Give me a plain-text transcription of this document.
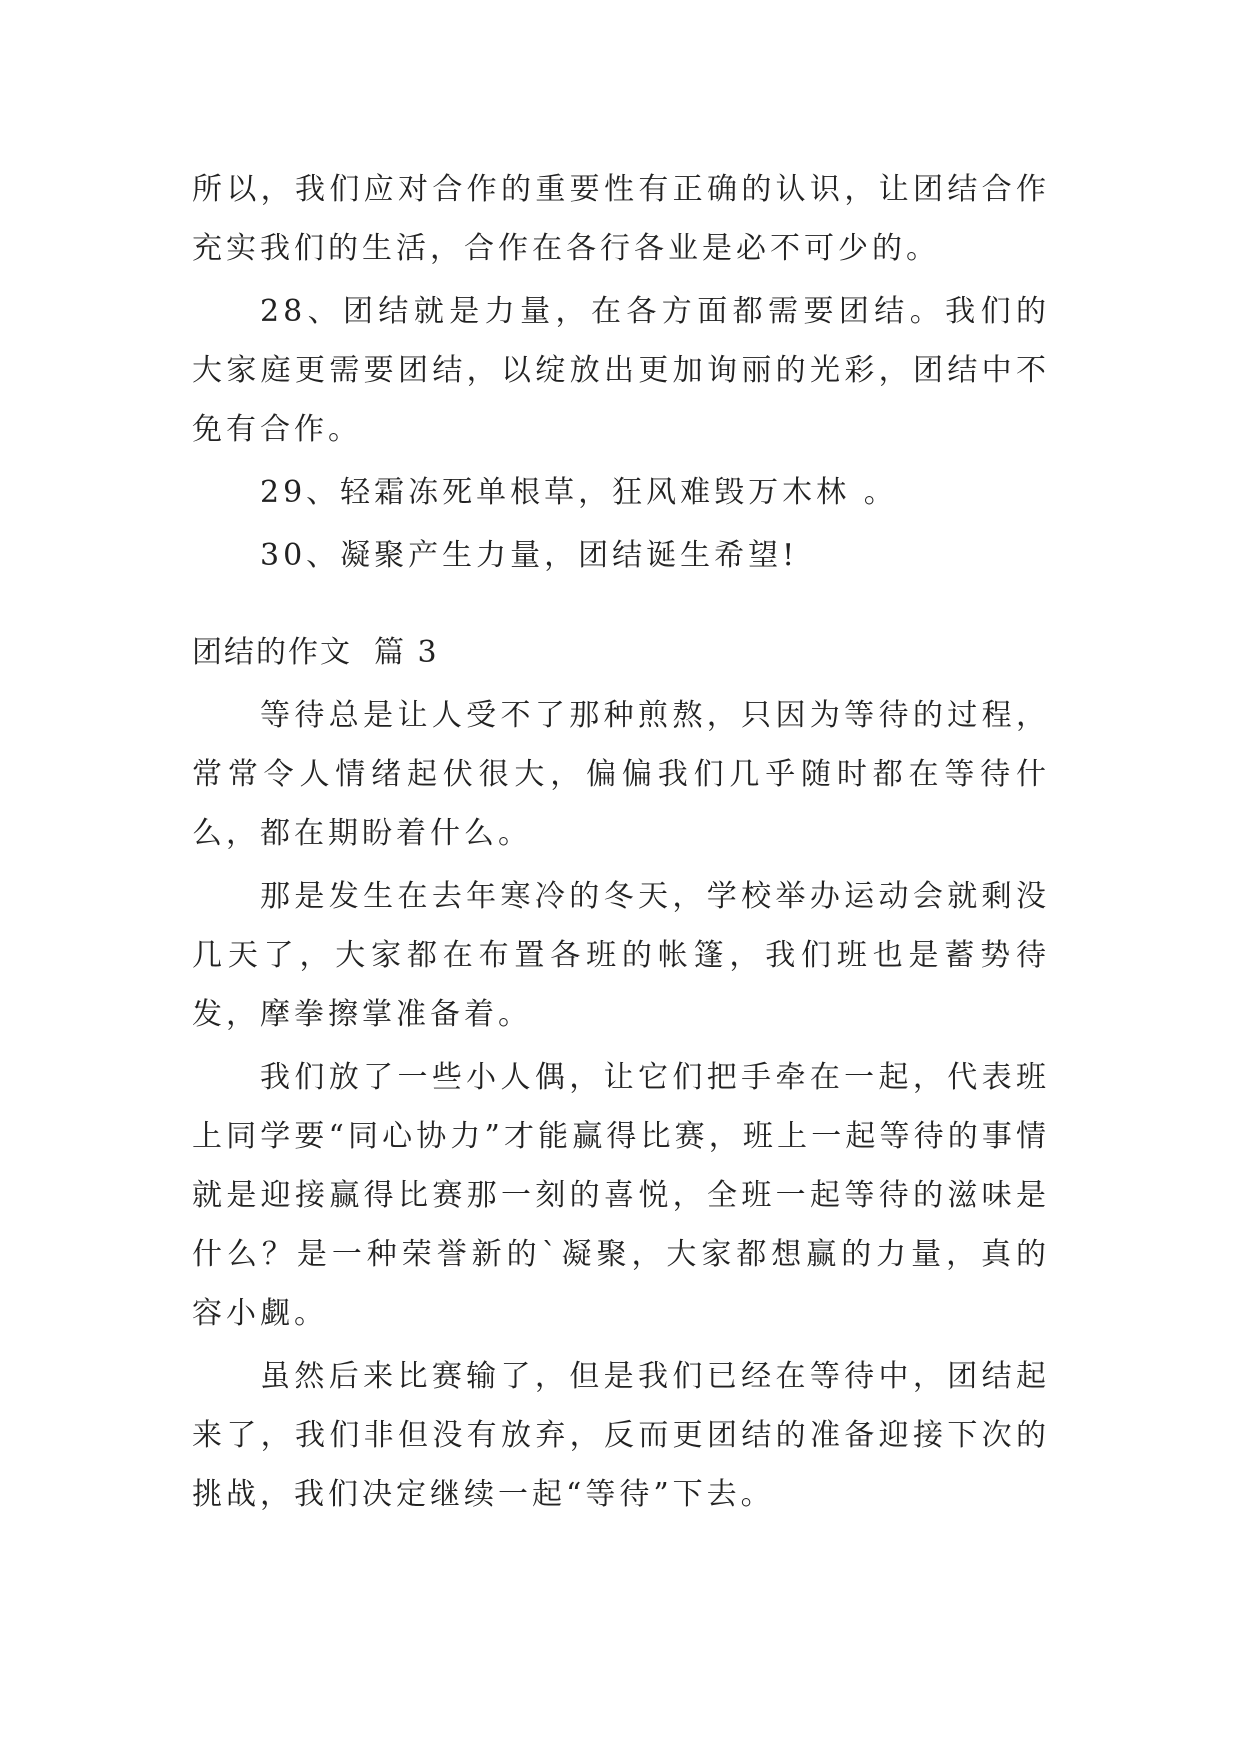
所以，我们应对合作的重要性有正确的认识，让团结合作充实我们的生活，合作在各行各业是必不可少的。

28、团结就是力量，在各方面都需要团结。我们的大家庭更需要团结，以绽放出更加询丽的光彩，团结中不免有合作。

29、轻霜冻死单根草，狂风难毁万木林 。

30、凝聚产生力量，团结诞生希望!

团结的作文 篇 3

等待总是让人受不了那种煎熬，只因为等待的过程，常常令人情绪起伏很大，偏偏我们几乎随时都在等待什么，都在期盼着什么。

那是发生在去年寒冷的冬天，学校举办运动会就剩没几天了，大家都在布置各班的帐篷，我们班也是蓄势待发，摩拳擦掌准备着。

我们放了一些小人偶，让它们把手牵在一起，代表班上同学要“同心协力”才能赢得比赛，班上一起等待的事情就是迎接赢得比赛那一刻的喜悦，全班一起等待的滋味是什么？是一种荣誉新的`凝聚，大家都想赢的力量，真的容小觑。

虽然后来比赛输了，但是我们已经在等待中，团结起来了，我们非但没有放弃，反而更团结的准备迎接下次的挑战，我们决定继续一起“等待”下去。
